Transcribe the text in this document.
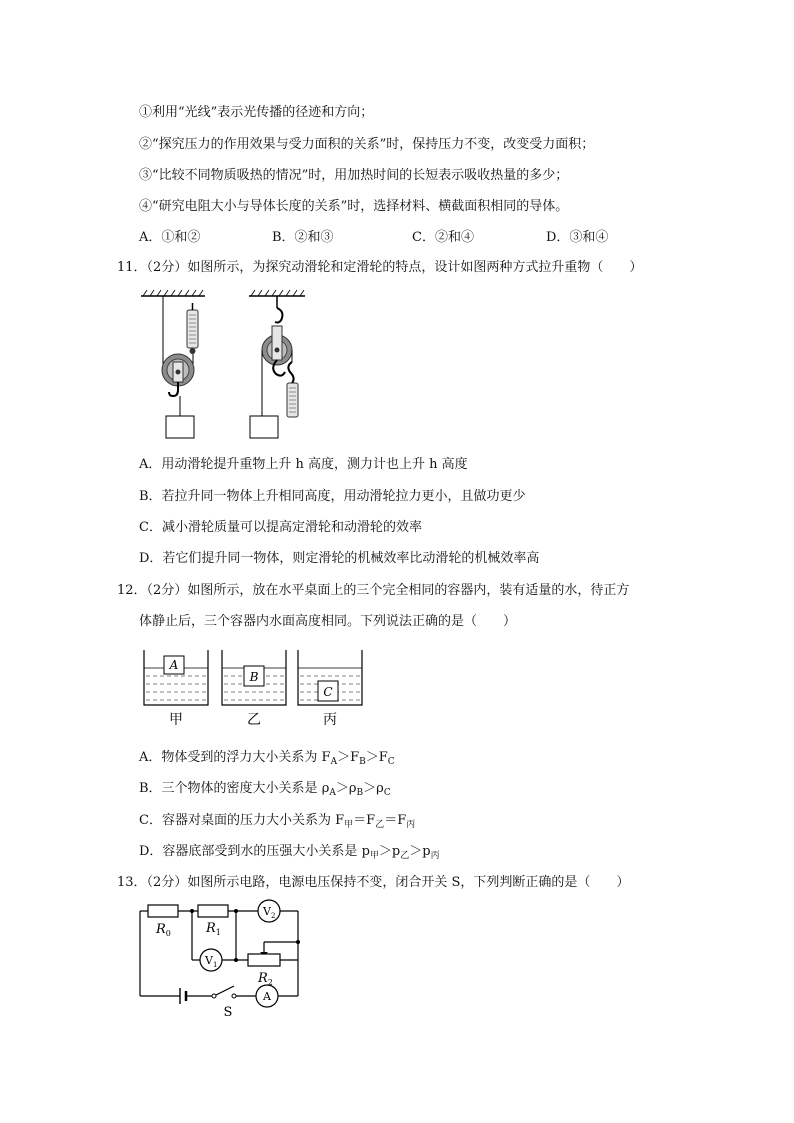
①利用“光线”表示光传播的径迹和方向；
②“探究压力的作用效果与受力面积的关系”时，保持压力不变，改变受力面积；
③“比较不同物质吸热的情况”时，用加热时间的长短表示吸收热量的多少；
④“研究电阻大小与导体长度的关系”时，选择材料、横截面积相同的导体。
A．①和②	B．②和③	C．②和④	D．③和④
11．（2分）如图所示，为探究动滑轮和定滑轮的特点，设计如图两种方式拉升重物（　　）
A．用动滑轮提升重物上升 h 高度，测力计也上升 h 高度
B．若拉升同一物体上升相同高度，用动滑轮拉力更小，且做功更少
C．减小滑轮质量可以提高定滑轮和动滑轮的效率
D．若它们提升同一物体，则定滑轮的机械效率比动滑轮的机械效率高
12．（2分）如图所示，放在水平桌面上的三个完全相同的容器内，装有适量的水，待正方
体静止后，三个容器内水面高度相同。下列说法正确的是（　　）
A
B
C
甲	乙	丙
A．物体受到的浮力大小关系为 $F_A>F_B>F_C$
B．三个物体的密度大小关系是 $\rho_A>\rho_B>\rho_C$
C．容器对桌面的压力大小关系为 $F_甲=F_乙=F_丙$
D．容器底部受到水的压强大小关系是 $p_甲>p_乙>p_丙$
13．（2分）如图所示电路，电源电压保持不变，闭合开关 S，下列判断正确的是（　　）
$R_0$	$R_1$
$R_2$
$V_2$
$V_1$
A
S
